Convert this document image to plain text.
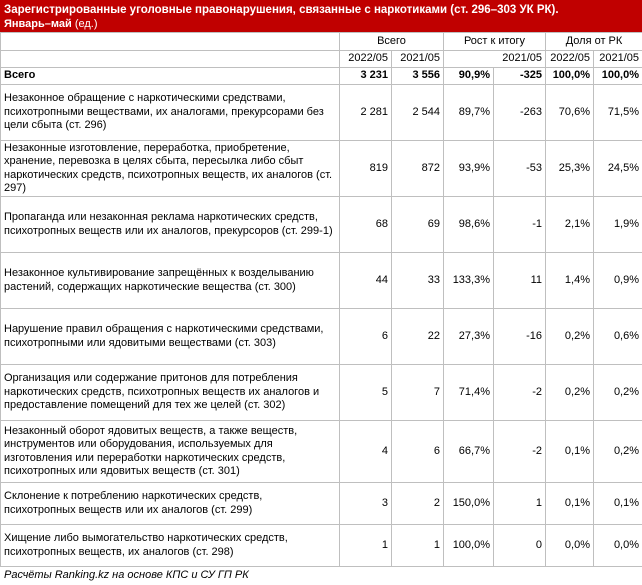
Зарегистрированные уголовные правонарушения, связанные с наркотиками (ст. 296–303 УК РК).
Январь–май (ед.)
	Всего		Рост к итогу		Доля от РК	
	2022/05	2021/05	2021/05		2022/05	2021/05
Всего	3 231	3 556	90,9%	-325	100,0%	100,0%
Незаконное обращение с наркотическими средствами, психотропными веществами, их аналогами, прекурсорами без цели сбыта (ст. 296)	2 281	2 544	89,7%	-263	70,6%	71,5%
Незаконные изготовление, переработка, приобретение, хранение, перевозка в целях сбыта, пересылка либо сбыт наркотических средств, психотропных веществ, их аналогов (ст. 297)	819	872	93,9%	-53	25,3%	24,5%
Пропаганда или незаконная реклама наркотических средств, психотропных веществ или их аналогов, прекурсоров (ст. 299-1)	68	69	98,6%	-1	2,1%	1,9%
Незаконное культивирование запрещённых к возделыванию растений, содержащих наркотические вещества (ст. 300)	44	33	133,3%	11	1,4%	0,9%
Нарушение правил обращения с наркотическими средствами, психотропными или ядовитыми веществами (ст. 303)	6	22	27,3%	-16	0,2%	0,6%
Организация или содержание притонов для потребления наркотических средств, психотропных веществ их аналогов и предоставление помещений для тех же целей (ст. 302)	5	7	71,4%	-2	0,2%	0,2%
Незаконный оборот ядовитых веществ, а также веществ, инструментов или оборудования, используемых для изготовления или переработки наркотических средств, психотропных или ядовитых веществ (ст. 301)	4	6	66,7%	-2	0,1%	0,2%
Склонение к потреблению наркотических средств, психотропных веществ или их аналогов (ст. 299)	3	2	150,0%	1	0,1%	0,1%
Хищение либо вымогательство наркотических средств, психотропных веществ, их аналогов (ст. 298)	1	1	100,0%	0	0,0%	0,0%
Расчёты Ranking.kz на основе КПС и СУ ГП РК
